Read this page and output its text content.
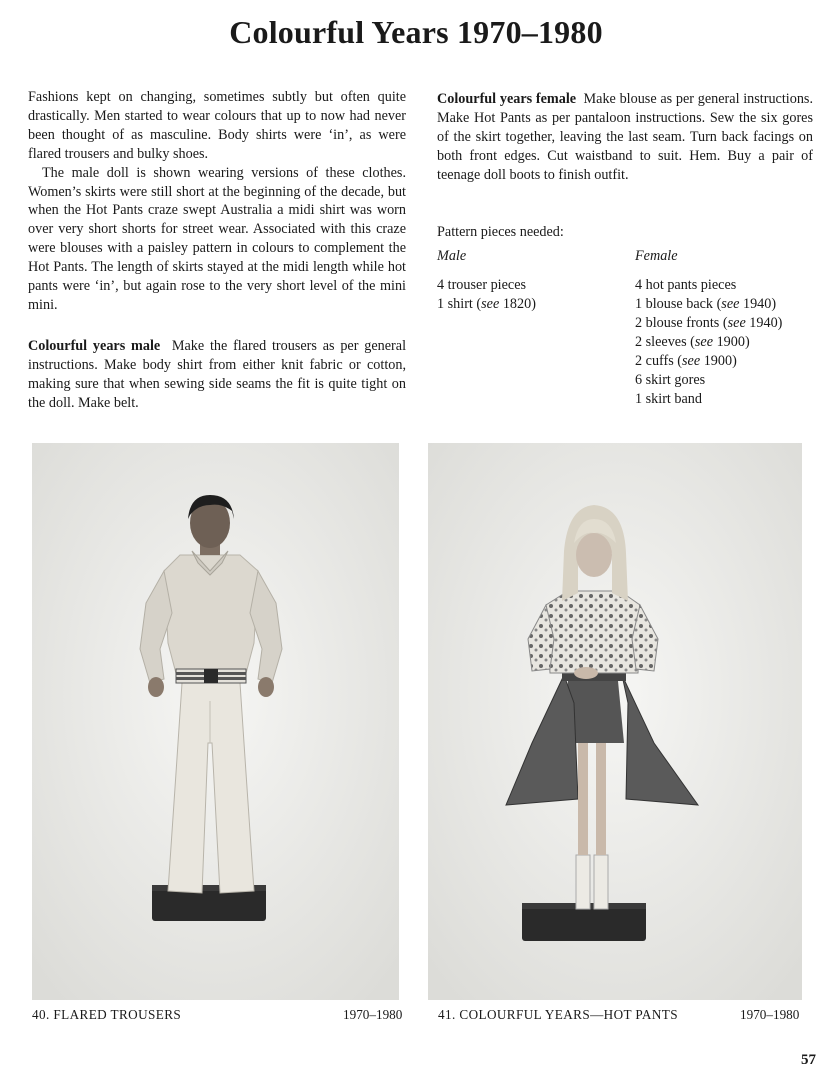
Colourful Years 1970–1980

Fashions kept on changing, sometimes subtly but often quite drastically. Men started to wear colours that up to now had never been thought of as masculine. Body shirts were ‘in’, as were flared trousers and bulky shoes.

The male doll is shown wearing versions of these clothes. Women’s skirts were still short at the beginning of the decade, but when the Hot Pants craze swept Australia a midi shirt was worn over very short shorts for street wear. Associated with this craze were blouses with a paisley pattern in colours to complement the Hot Pants. The length of skirts stayed at the midi length while hot pants were ‘in’, but again rose to the very short level of the mini mini.

Colourful years male Make the flared trousers as per general instructions. Make body shirt from either knit fabric or cotton, making sure that when sewing side seams the fit is quite tight on the doll. Make belt.

Colourful years female Make blouse as per general instructions. Make Hot Pants as per pantaloon instructions. Sew the six gores of the skirt together, leaving the last seam. Turn back facings on both front edges. Cut waistband to suit. Hem. Buy a pair of teenage doll boots to finish outfit.

Pattern pieces needed:

Male
4 trouser pieces
1 shirt (see 1820)
Female
4 hot pants pieces
1 blouse back (see 1940)
2 blouse fronts (see 1940)
2 sleeves (see 1900)
2 cuffs (see 1900)
6 skirt gores
1 skirt band
40. FLARED TROUSERS	1970–1980	41. COLOURFUL YEARS—HOT PANTS	1970–1980
57
